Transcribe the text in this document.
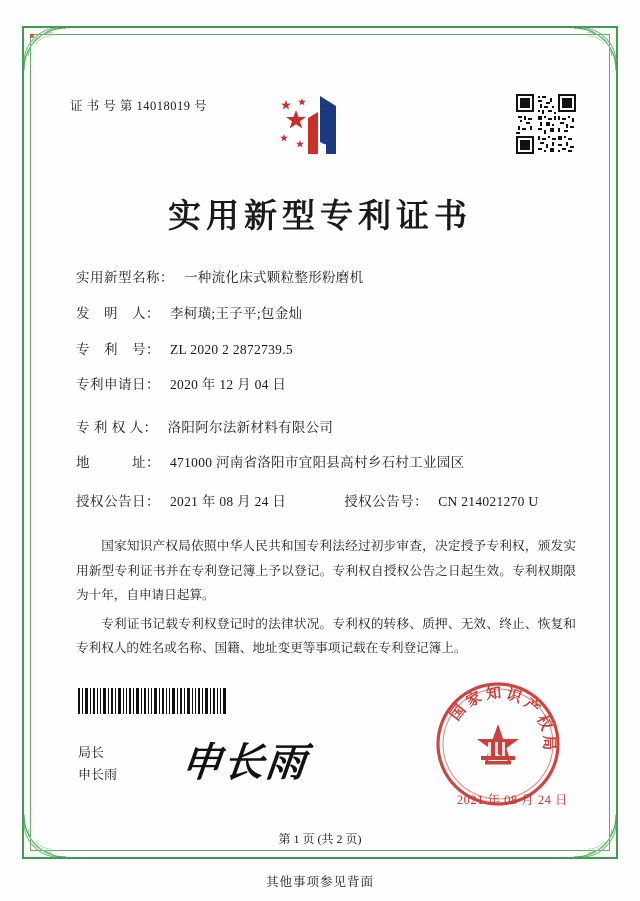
证 书 号 第 14018019 号
实用新型专利证书
实用新型名称： 一种流化床式颗粒整形粉磨机
发　明　人： 李柯璜;王子平;包金灿
专　利　号： ZL 2020 2 2872739.5
专利申请日： 2020 年 12 月 04 日
专 利 权 人： 洛阳阿尔法新材料有限公司
地　　　址： 471000 河南省洛阳市宜阳县高村乡石村工业园区
授权公告日： 2021 年 08 月 24 日	授权公告号： CN 214021270 U

国家知识产权局依照中华人民共和国专利法经过初步审查，决定授予专利权，颁发实用新型专利证书并在专利登记簿上予以登记。专利权自授权公告之日起生效。专利权期限为十年，自申请日起算。

专利证书记载专利权登记时的法律状况。专利权的转移、质押、无效、终止、恢复和专利权人的姓名或名称、国籍、地址变更等事项记载在专利登记簿上。

局长
申长雨 申长雨
国 家 知 识 产 权 局
2021 年 08 月 24 日
第 1 页 (共 2 页)
其他事项参见背面
